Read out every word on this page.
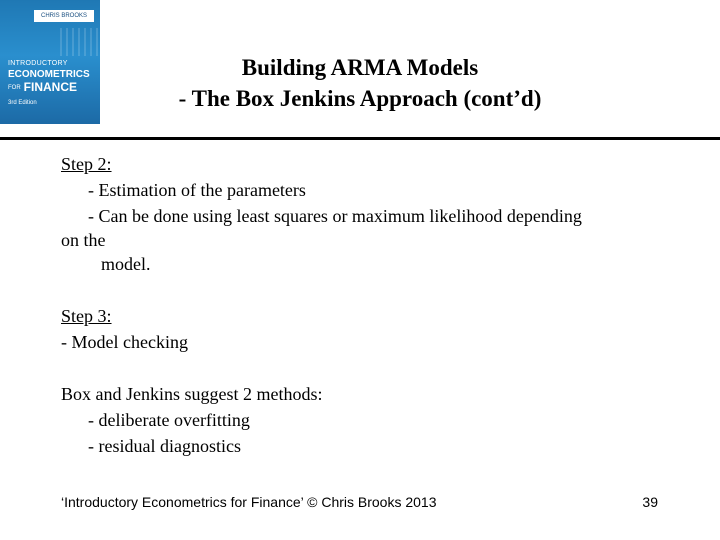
CHRIS BROOKS
INTRODUCTORY
ECONOMETRICS
FOR FINANCE
3rd Edition
Building ARMA Models
- The Box Jenkins Approach (cont’d)

Step 2:

- Estimation of the parameters

- Can be done using least squares or maximum likelihood depending

on the

model.

Step 3:

- Model checking

Box and Jenkins suggest 2 methods:

- deliberate overfitting

- residual diagnostics

‘Introductory Econometrics for Finance’ © Chris Brooks 2013	39
